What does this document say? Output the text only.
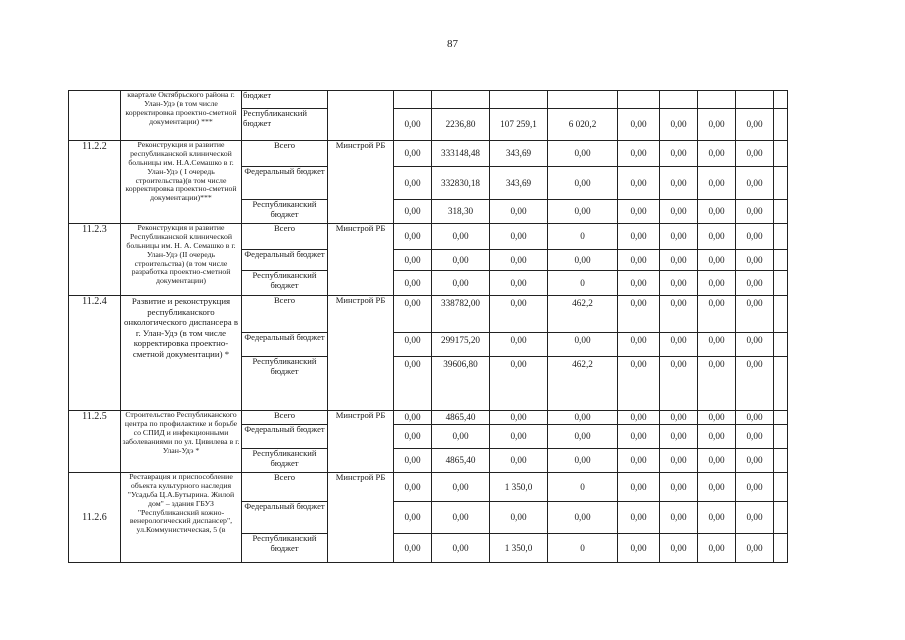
87
	квартале Октябрьского района г. Улан-Удэ (в том числе корректировка проектно-сметной документации) ***	бюджет										
		Республиканский бюджет		0,00	2236,80	107 259,1	6 020,2	0,00	0,00	0,00	0,00	
11.2.2	Реконструкция и развитие республиканской клинической больницы им. Н.А.Семашко в г. Улан-Удэ ( I очередь строительства)(в том числе корректировка проектно-сметной документации)***	Всего	Минстрой РБ	0,00	333148,48	343,69	0,00	0,00	0,00	0,00	0,00	
		Федеральный бюджет		0,00	332830,18	343,69	0,00	0,00	0,00	0,00	0,00	
		Республиканский бюджет		0,00	318,30	0,00	0,00	0,00	0,00	0,00	0,00	
11.2.3	Реконструкция и развитие Республиканской клинической больницы им. Н. А. Семашко в г. Улан-Удэ (II очередь строительства) (в том числе разработка проектно-сметной документации)	Всего	Минстрой РБ	0,00	0,00	0,00	0	0,00	0,00	0,00	0,00	
		Федеральный бюджет		0,00	0,00	0,00	0,00	0,00	0,00	0,00	0,00	
		Республиканский бюджет		0,00	0,00	0,00	0	0,00	0,00	0,00	0,00	
11.2.4	Развитие и реконструкция республиканского онкологического диспансера в г. Улан-Удэ (в том числе корректировка проектно-сметной документации) *	Всего	Минстрой РБ	0,00	338782,00	0,00	462,2	0,00	0,00	0,00	0,00	
		Федеральный бюджет		0,00	299175,20	0,00	0,00	0,00	0,00	0,00	0,00	
		Республиканский бюджет		0,00	39606,80	0,00	462,2	0,00	0,00	0,00	0,00	
11.2.5	Строительство Республиканского центра по профилактике и борьбе со СПИД и инфекционными заболеваниями по ул. Цивилева в г. Улан-Удэ *	Всего	Минстрой РБ	0,00	4865,40	0,00	0,00	0,00	0,00	0,00	0,00	
		Федеральный бюджет		0,00	0,00	0,00	0,00	0,00	0,00	0,00	0,00	
		Республиканский бюджет		0,00	4865,40	0,00	0,00	0,00	0,00	0,00	0,00	
11.2.6	Реставрация и приспособление объекта культурного наследия "Усадьба Ц.А.Бутырина. Жилой дом" – здания ГБУЗ "Республиканский кожно-венерологический диспансер", ул.Коммунистическая, 5 (в	Всего	Минстрой РБ	0,00	0,00	1 350,0	0	0,00	0,00	0,00	0,00	
		Федеральный бюджет		0,00	0,00	0,00	0,00	0,00	0,00	0,00	0,00	
		Республиканский бюджет		0,00	0,00	1 350,0	0	0,00	0,00	0,00	0,00	
